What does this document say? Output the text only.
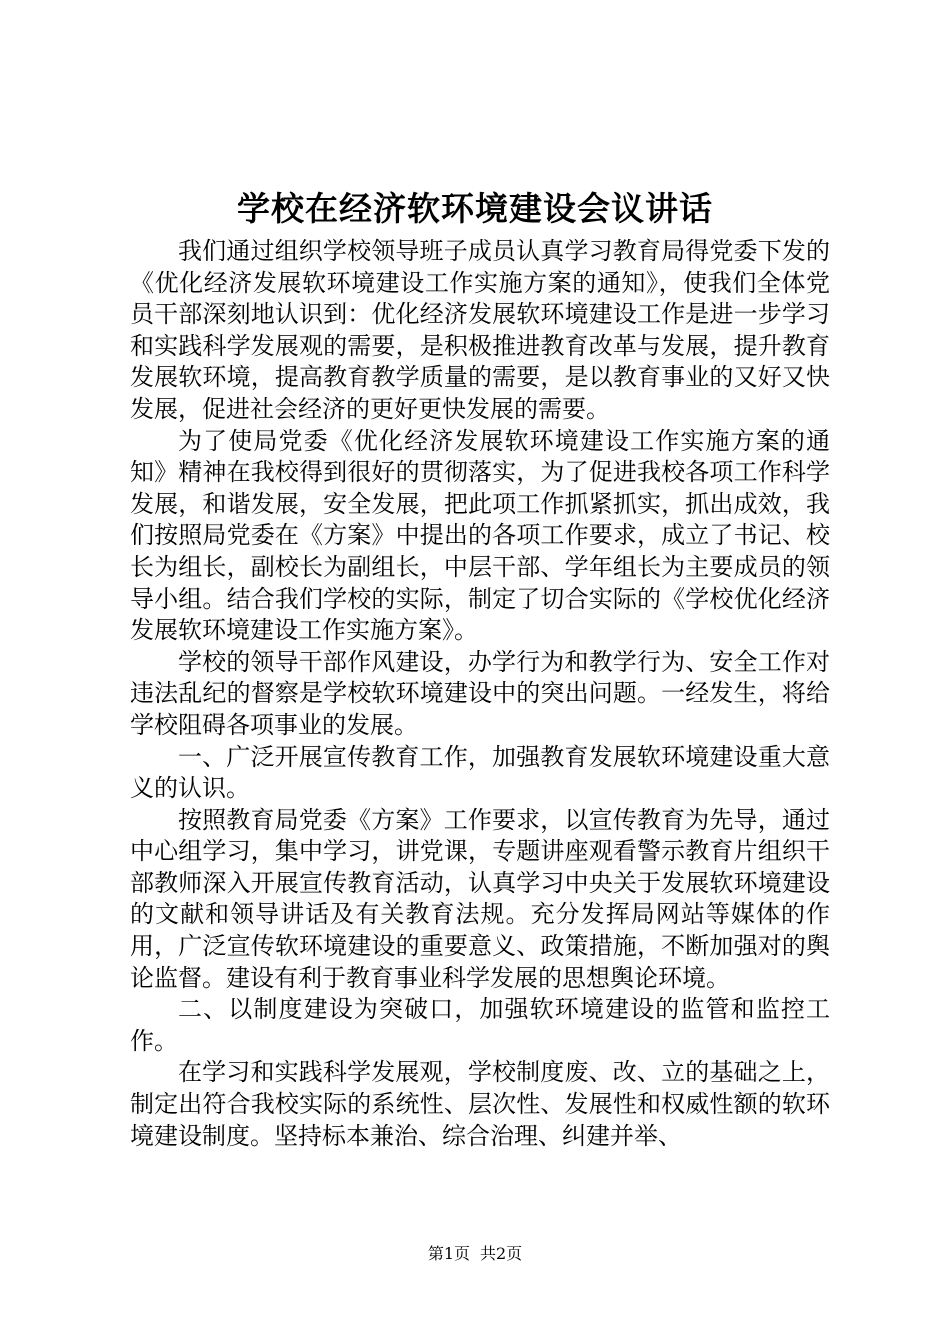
学校在经济软环境建设会议讲话

我们通过组织学校领导班子成员认真学习教育局得党委下发的《优化经济发展软环境建设工作实施方案的通知》，使我们全体党员干部深刻地认识到：优化经济发展软环境建设工作是进一步学习和实践科学发展观的需要，是积极推进教育改革与发展，提升教育发展软环境，提高教育教学质量的需要，是以教育事业的又好又快发展，促进社会经济的更好更快发展的需要。

为了使局党委《优化经济发展软环境建设工作实施方案的通知》精神在我校得到很好的贯彻落实，为了促进我校各项工作科学发展，和谐发展，安全发展，把此项工作抓紧抓实，抓出成效，我们按照局党委在《方案》中提出的各项工作要求，成立了书记、校长为组长，副校长为副组长，中层干部、学年组长为主要成员的领导小组。结合我们学校的实际，制定了切合实际的《学校优化经济发展软环境建设工作实施方案》。

学校的领导干部作风建设，办学行为和教学行为、安全工作对违法乱纪的督察是学校软环境建设中的突出问题。一经发生，将给学校阻碍各项事业的发展。

一、广泛开展宣传教育工作，加强教育发展软环境建设重大意义的认识。

按照教育局党委《方案》工作要求，以宣传教育为先导，通过中心组学习，集中学习，讲党课，专题讲座观看警示教育片组织干部教师深入开展宣传教育活动，认真学习中央关于发展软环境建设的文献和领导讲话及有关教育法规。充分发挥局网站等媒体的作用，广泛宣传软环境建设的重要意义、政策措施，不断加强对的舆论监督。建设有利于教育事业科学发展的思想舆论环境。

二、以制度建设为突破口，加强软环境建设的监管和监控工作。

在学习和实践科学发展观，学校制度废、改、立的基础之上，制定出符合我校实际的系统性、层次性、发展性和权威性额的软环境建设制度。坚持标本兼治、综合治理、纠建并举、

第1页 共2页
